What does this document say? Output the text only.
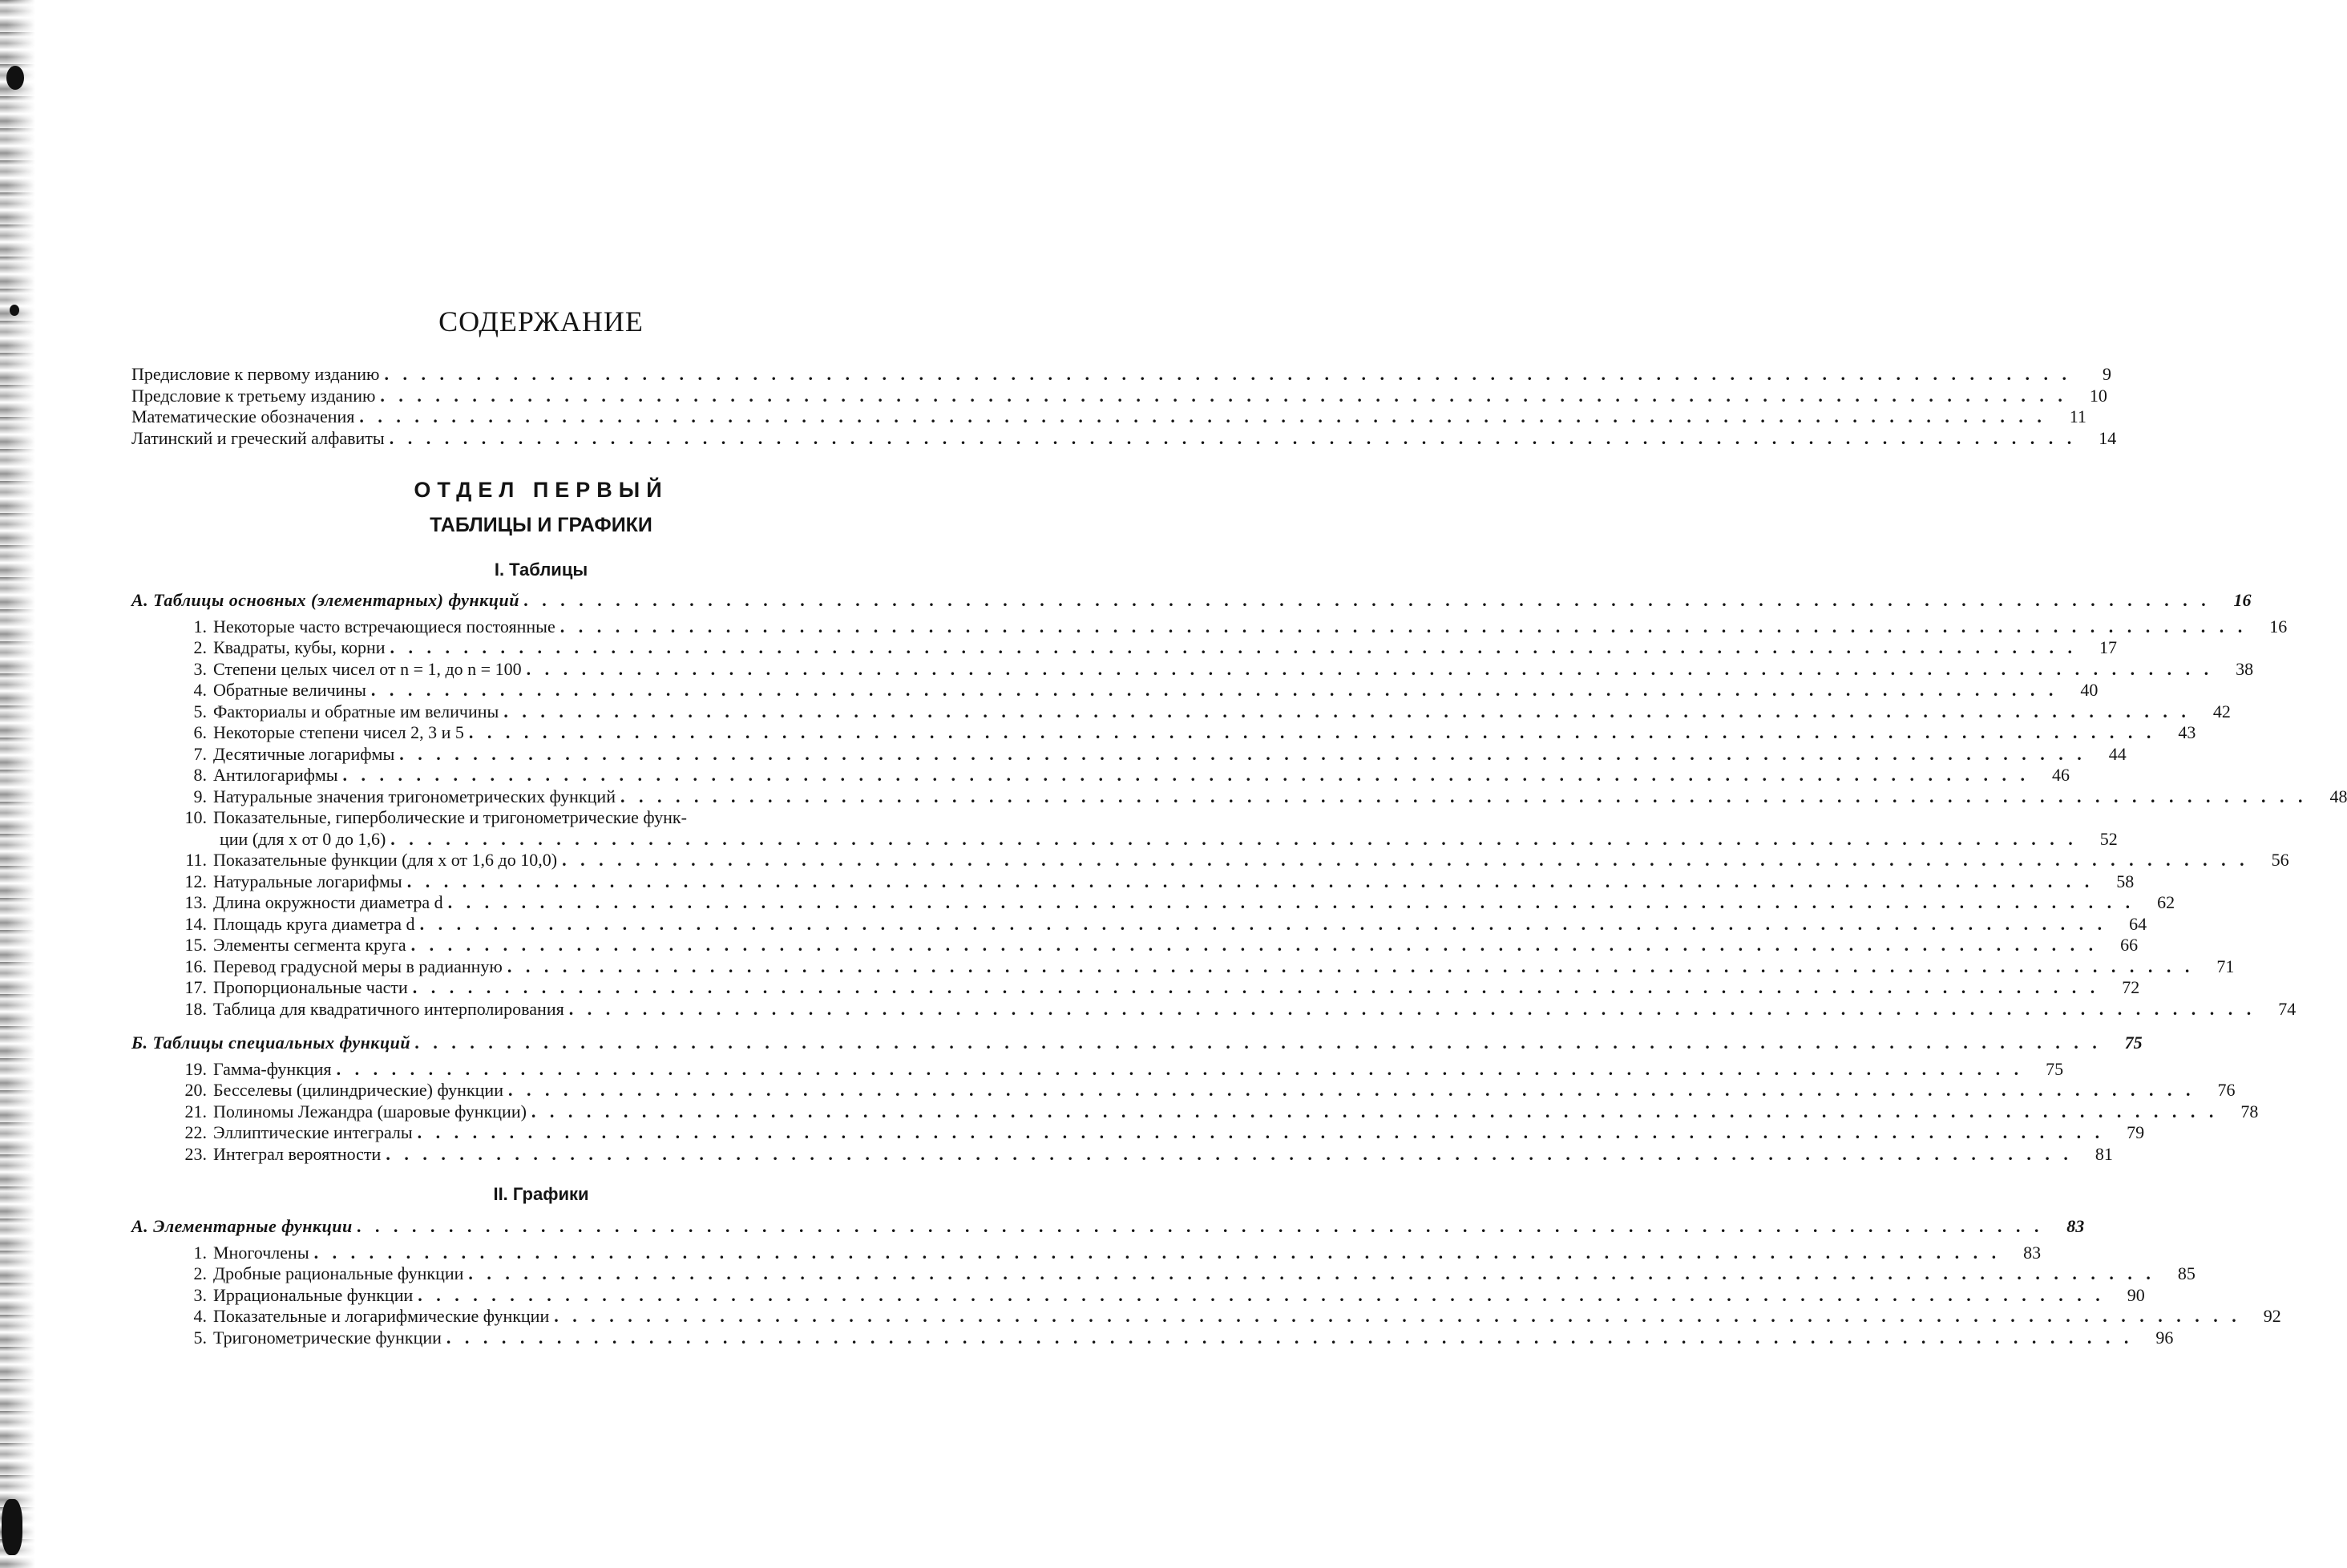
СОДЕРЖАНИЕ
Предисловие к первому изданию . . .	9
Предсловие к третьему изданию . . .	10
Математические обозначения . . .	11
Латинский и греческий алфавиты . . .	14
ОТДЕЛ ПЕРВЫЙ
ТАБЛИЦЫ И ГРАФИКИ
I. Таблицы
А. Таблицы основных (элементарных) функций . . .	16
1. Некоторые часто встречающиеся постоянные . . .	16
2. Квадраты, кубы, корни . . .	17
3. Степени целых чисел от n = 1, до n = 100 . . .	38
4. Обратные величины . . .	40
5. Факториалы и обратные им величины . . .	42
6. Некоторые степени чисел 2, 3 и 5 . . .	43
7. Десятичные логарифмы . . .	44
8. Антилогарифмы . . .	46
9. Натуральные значения тригонометрических функций . . .	48
10. Показательные, гиперболические и тригонометрические функ-
ции (для x от 0 до 1,6) . . .	52
11. Показательные функции (для x от 1,6 до 10,0) . . .	56
12. Натуральные логарифмы . . .	58
13. Длина окружности диаметра d . . .	62
14. Площадь круга диаметра d . . .	64
15. Элементы сегмента круга . . .	66
16. Перевод градусной меры в радианную . . .	71
17. Пропорциональные части . . .	72
18. Таблица для квадратичного интерполирования . . .	74
Б. Таблицы специальных функций . . .	75
19. Гамма-функция . . .	75
20. Бесселевы (цилиндрические) функции . . .	76
21. Полиномы Лежандра (шаровые функции) . . .	78
22. Эллиптические интегралы . . .	79
23. Интеграл вероятности . . .	81
II. Графики
А. Элементарные функции . . .	83
1. Многочлены . . .	83
2. Дробные рациональные функции . . .	85
3. Иррациональные функции . . .	90
4. Показательные и логарифмические функции . . .	92
5. Тригонометрические функции . . .	96
